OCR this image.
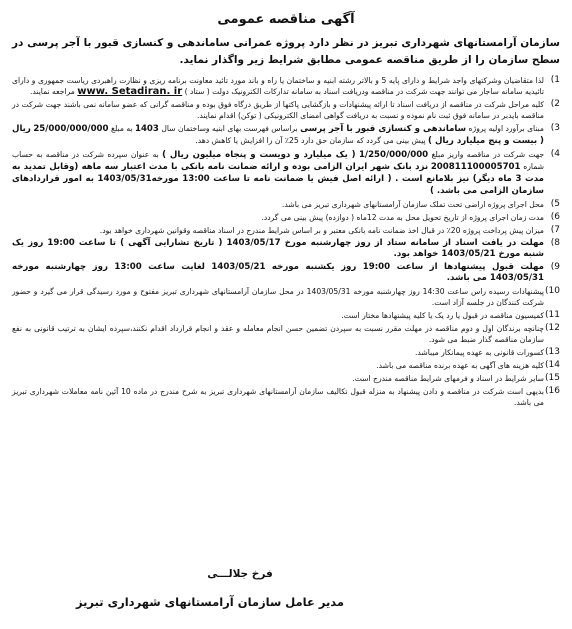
آگهی مناقصه عمومی
سازمان آرامستانهای شهرداری تبریز در نظر دارد پروژه عمرانی ساماندهی و کنسازی قبور با آجر پرسی در سطح سازمان را از طریق مناقصه عمومی مطابق شرایط زیر واگذار نماید.
1)
لذا متقاضیان وشرکتهای واجد شرایط و دارای پایه 5 و بالاتر رشته ابنیه و ساختمان یا راه و باند مورد تائید معاونت برنامه ریزی و نظارت راهبردی ریاست جمهوری و دارای تائیدیه سامانه ساجار می توانند جهت شرکت در مناقصه ودریافت اسناد به سامانه تدارکات الکترونیک دولت ( ستاد ) www. Setadiran. ir مراجعه نمایند.
2)
کلیه مراحل شرکت در مناقصه از دریافت اسناد تا ارائه پیشنهادات و بازگشایی پاکتها از طریق درگاه فوق بوده و مناقصه گرانی که عضو سامانه نمی باشند جهت شرکت در مناقصه بایدبر در سامانه فوق ثبت نام نموده و نسبت به دریافت گواهی امضای الکترونیکی ( توکن) اقدام نمایند.
3)
مبنای برآورد اولیه پروژه ساماندهی و کنسازی قبور با آجر پرسی براساس فهرست بهای ابنیه وساختمان سال 1403 به مبلغ 25/000/000/000 ریال ( بیست و پنج میلیارد ریال ) پیش بینی می گردد که سازمان حق دارد 25٪ آن را افزایش یا کاهش دهد.
4)
جهت شرکت در مناقصه واریز مبلغ 1/250/000/000 ( یک میلیارد و دویست و پنجاه میلیون ریال ) به عنوان سپرده شرکت در مناقصه به حساب شماره 200811100005701 نزد بانک شهر ایران الزامی بوده و ارائه ضمانت نامه بانکی با مدت اعتبار سه ماهه (وقابل تمدید به مدت 3 ماه دیگر) نیز بلامانع است . ( ارائه اصل فیش یا ضمانت نامه تا ساعت 13:00 مورخه1403/05/31 به امور قراردادهای سازمان الزامی می باشد. )
5)
محل اجرای پروژه اراضی تحت تملک سازمان آرامستانهای شهرداری تبریز می باشد.
6)
مدت زمان اجرای پروژه از تاریخ تحویل محل به مدت 12ماه ( دوازده) پیش بینی می گردد.
7)
میزان پیش پرداخت پروژه 20٪ در قبال اخذ ضمانت نامه بانکی معتبر و بر اساس شرایط مندرج در اسناد مناقصه وقوانین شهرداری خواهد بود.
8)
مهلت در یافت اسناد از سامانه ستاد از روز چهارشنبه مورخ 1403/05/17 ( تاریخ تشارایی آگهی ) تا ساعت 19:00 روز یک شنبه مورخ 1403/05/21 خواهد بود.
9)
مهلت قبول پیشنهادها از ساعت 19:00 روز یکشنبه مورخه 1403/05/21 لغایت ساعت 13:00 روز چهارشنبه مورخه 1403/05/31 می باشد.
10)
پیشنهادات رسیده راس ساعت 14:30 روز چهارشنبه مورخه 1403/05/31 در محل سازمان آرامستانهای شهرداری تبریز مفتوح و مورد رسیدگی قرار می گیرد و حضور شرکت کنندگان در جلسه آزاد است.
11)
کمیسیون مناقصه در قبول یا رد یک یا کلیه پیشنهادها مختار است.
12)
چنانچه برندگان اول و دوم مناقصه در مهلت مقرر نسبت به سپردن تضمین حسن انجام معامله و عقد و انجام قرارداد اقدام نکنند،سپرده ایشان به ترتیب قانونی به نفع سازمان مناقصه گذار ضبط می شود.
13)
کسورات قانونی به عهده پیمانکار میباشد.
14)
کلیه هزینه های آگهی به عهده برنده مناقصه می باشد.
15)
سایر شرایط در اسناد و فرمهای شرایط مناقصه مندرج است.
16)
بدیهی است شرکت در مناقصه و دادن پیشنهاد به منزله قبول تکالیف سازمان آرامستانهای شهرداری تبریز به شرح مندرج در ماده 10 آئین نامه معاملات شهرداری تبریز می باشد.
فرخ جلالـــی
مدیر عامل سازمان آرامستانهای شهرداری تبریز
